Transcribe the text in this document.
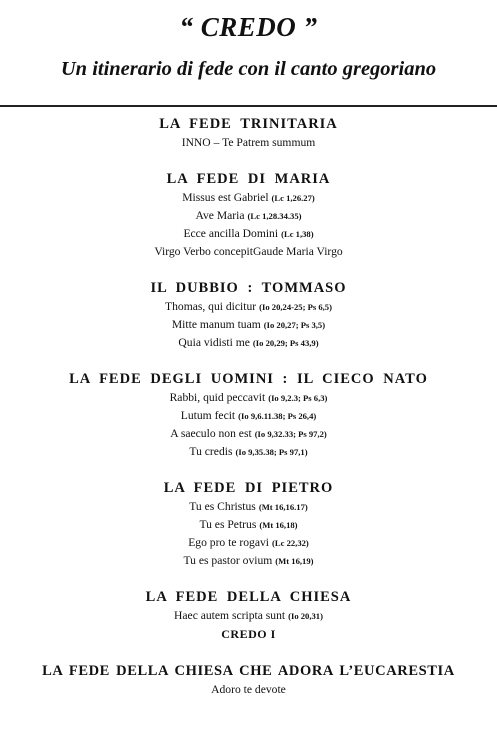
“ CREDO ”
Un itinerario di fede con il canto gregoriano
LA FEDE TRINITARIA
INNO – Te Patrem summum
LA FEDE DI MARIA
Missus est Gabriel (Lc 1,26.27)
Ave Maria (Lc 1,28.34.35)
Ecce ancilla Domini (Lc 1,38)
Virgo Verbo concepitGaude Maria Virgo
IL DUBBIO : TOMMASO
Thomas, qui dicitur (Io 20,24-25; Ps 6,5)
Mitte manum tuam (Io 20,27; Ps 3,5)
Quia vidisti me (Io 20,29; Ps 43,9)
LA FEDE DEGLI UOMINI : IL CIECO NATO
Rabbi, quid peccavit (Io 9,2.3; Ps 6,3)
Lutum fecit (Io 9,6.11.38; Ps 26,4)
A saeculo non est (Io 9,32.33; Ps 97,2)
Tu credis (Io 9,35.38; Ps 97,1)
LA FEDE DI PIETRO
Tu es Christus (Mt 16,16.17)
Tu es Petrus (Mt 16,18)
Ego pro te rogavi (Lc 22,32)
Tu es pastor ovium (Mt 16,19)
LA FEDE DELLA CHIESA
Haec autem scripta sunt (Io 20,31)
CREDO I
LA FEDE DELLA CHIESA CHE ADORA L’EUCARESTIA
Adoro te devote
